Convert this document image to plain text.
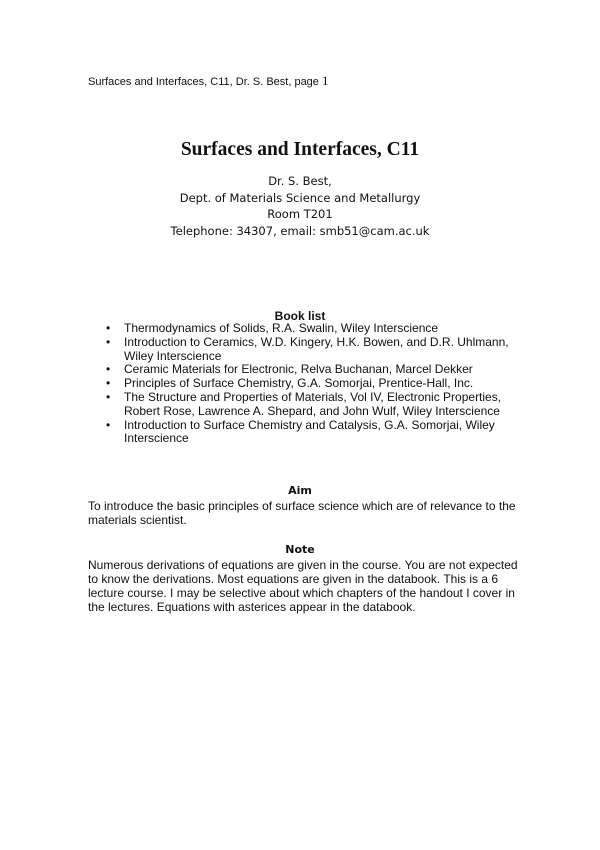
Surfaces and Interfaces, C11, Dr. S. Best, page 1
Surfaces and Interfaces, C11
Dr. S. Best,
Dept. of Materials Science and Metallurgy
Room T201
Telephone: 34307, email: smb51@cam.ac.uk
Book list
• Thermodynamics of Solids, R.A. Swalin, Wiley Interscience
• Introduction to Ceramics, W.D. Kingery, H.K. Bowen, and D.R. Uhlmann, Wiley Interscience
• Ceramic Materials for Electronic, Relva Buchanan, Marcel Dekker
• Principles of Surface Chemistry, G.A. Somorjai, Prentice-Hall, Inc.
• The Structure and Properties of Materials, Vol IV, Electronic Properties, Robert Rose, Lawrence A. Shepard, and John Wulf, Wiley Interscience
• Introduction to Surface Chemistry and Catalysis, G.A. Somorjai, Wiley Interscience
Aim
To introduce the basic principles of surface science which are of relevance to the materials scientist.
Note
Numerous derivations of equations are given in the course. You are not expected to know the derivations. Most equations are given in the databook. This is a 6 lecture course. I may be selective about which chapters of the handout I cover in the lectures. Equations with asterices appear in the databook.
